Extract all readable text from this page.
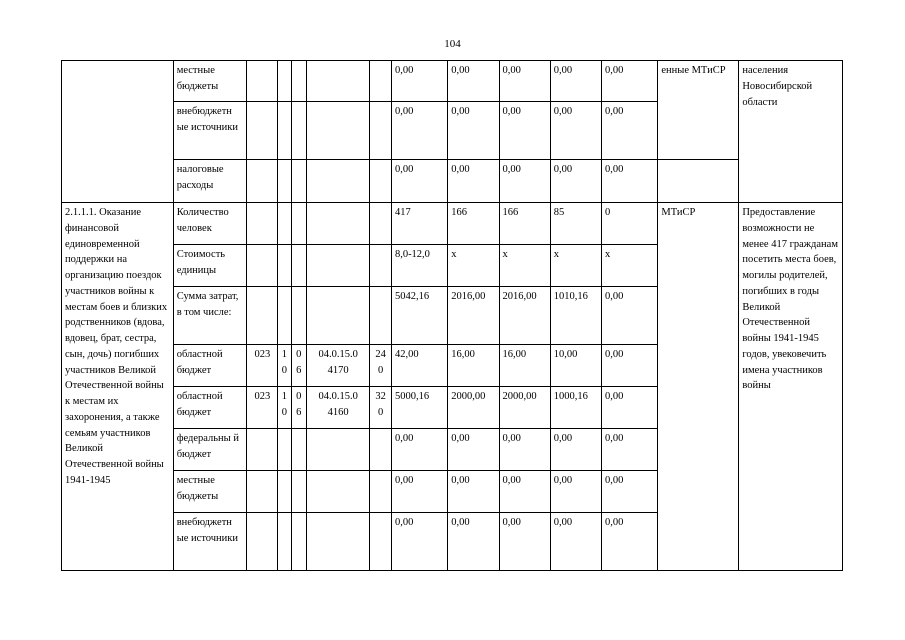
104
	местные бюджеты						0,00	0,00	0,00	0,00	0,00	енные МТиСР	населения Новосибирской области
	внебюджетн ые источники						0,00	0,00	0,00	0,00	0,00		
	налоговые расходы						0,00	0,00	0,00	0,00	0,00		
2.1.1.1. Оказание финансовой единовременной поддержки на организацию поездок участников войны к местам боев и близких родственников (вдова, вдовец, брат, сестра, сын, дочь) погибших участников Великой Отечественной войны к местам их захоронения, а также семьям участников Великой Отечественной войны 1941-1945	Количество человек						417	166	166	85	0	МТиСР	Предоставление возможности не менее 417 гражданам посетить места боев, могилы родителей, погибших в годы Великой Отечественной войны 1941-1945 годов, увековечить имена участников войны
	Стоимость единицы						8,0-12,0	x	x	x	x		
	Сумма затрат, в том числе:						5042,16	2016,00	2016,00	1010,16	0,00		
	областной бюджет	023	1 0	0 6	04.0.15.0 4170	24 0	42,00	16,00	16,00	10,00	0,00		
	областной бюджет	023	1 0	0 6	04.0.15.0 4160	32 0	5000,16	2000,00	2000,00	1000,16	0,00		
	федеральны й бюджет						0,00	0,00	0,00	0,00	0,00		
	местные бюджеты						0,00	0,00	0,00	0,00	0,00		
	внебюджетн ые источники						0,00	0,00	0,00	0,00	0,00		
